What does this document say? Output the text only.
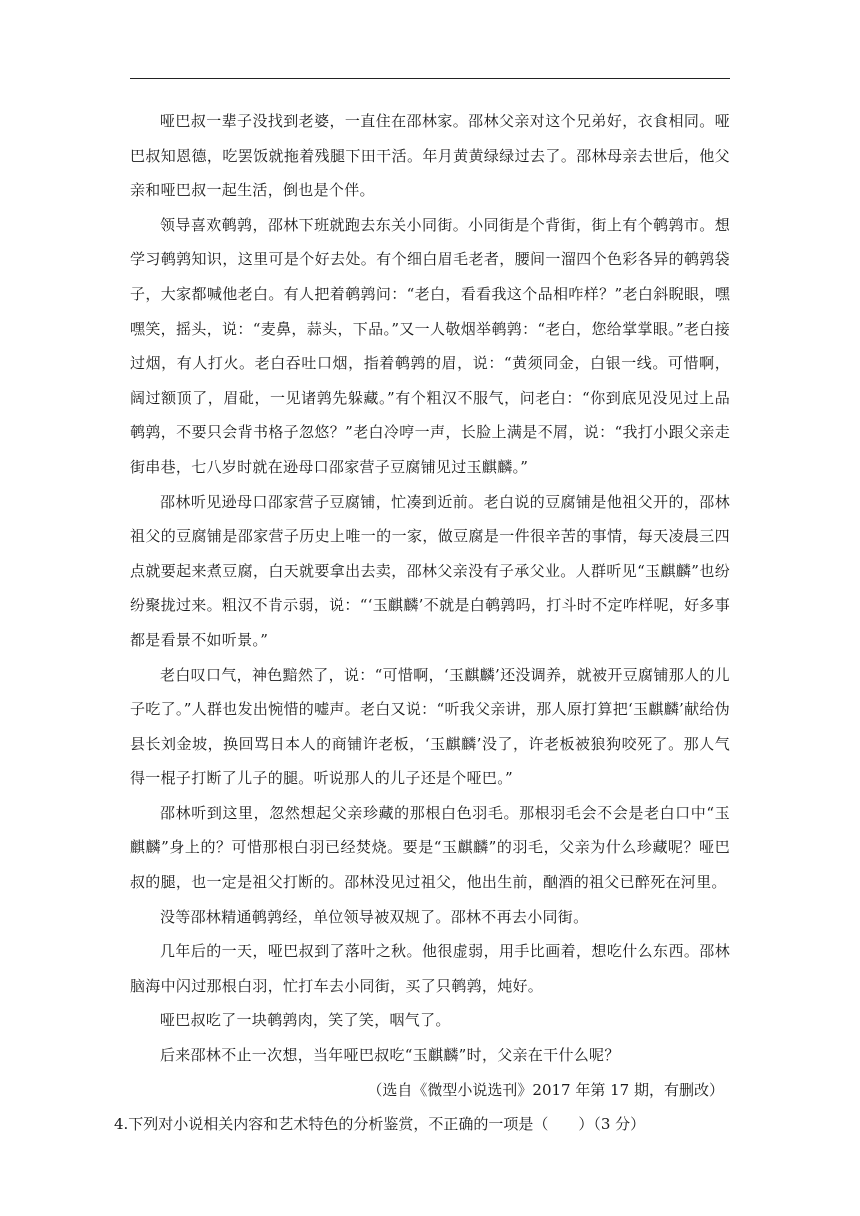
哑巴叔一辈子没找到老婆，一直住在邵林家。邵林父亲对这个兄弟好，衣食相同。哑巴叔知恩德，吃罢饭就拖着残腿下田干活。年月黄黄绿绿过去了。邵林母亲去世后，他父亲和哑巴叔一起生活，倒也是个伴。

领导喜欢鹌鹑，邵林下班就跑去东关小同街。小同街是个背街，街上有个鹌鹑市。想学习鹌鹑知识，这里可是个好去处。有个细白眉毛老者，腰间一溜四个色彩各异的鹌鹑袋子，大家都喊他老白。有人把着鹌鹑问：“老白，看看我这个品相咋样？”老白斜睨眼，嘿嘿笑，摇头，说：“麦鼻，蒜头，下品。”又一人敬烟举鹌鹑：“老白，您给掌掌眼。”老白接过烟，有人打火。老白吞吐口烟，指着鹌鹑的眉，说：“黄须同金，白银一线。可惜啊，阔过额顶了，眉砒，一见诸鹑先躲藏。”有个粗汉不服气，问老白：“你到底见没见过上品鹌鹑，不要只会背书格子忽悠？”老白冷哼一声，长脸上满是不屑，说：“我打小跟父亲走街串巷，七八岁时就在逊母口邵家营子豆腐铺见过玉麒麟。”

邵林听见逊母口邵家营子豆腐铺，忙凑到近前。老白说的豆腐铺是他祖父开的，邵林祖父的豆腐铺是邵家营子历史上唯一的一家，做豆腐是一件很辛苦的事情，每天凌晨三四点就要起来煮豆腐，白天就要拿出去卖，邵林父亲没有子承父业。人群听见“玉麒麟”也纷纷聚拢过来。粗汉不肯示弱，说：“‘玉麒麟’不就是白鹌鹑吗，打斗时不定咋样呢，好多事都是看景不如听景。”

老白叹口气，神色黯然了，说：“可惜啊，‘玉麒麟’还没调养，就被开豆腐铺那人的儿子吃了。”人群也发出惋惜的嘘声。老白又说：“听我父亲讲，那人原打算把‘玉麒麟’献给伪县长刘金坡，换回骂日本人的商铺许老板，‘玉麒麟’没了，许老板被狼狗咬死了。那人气得一棍子打断了儿子的腿。听说那人的儿子还是个哑巴。”

邵林听到这里，忽然想起父亲珍藏的那根白色羽毛。那根羽毛会不会是老白口中“玉麒麟”身上的？可惜那根白羽已经焚烧。要是“玉麒麟”的羽毛，父亲为什么珍藏呢？哑巴叔的腿，也一定是祖父打断的。邵林没见过祖父，他出生前，酗酒的祖父已醉死在河里。

没等邵林精通鹌鹑经，单位领导被双规了。邵林不再去小同街。

几年后的一天，哑巴叔到了落叶之秋。他很虚弱，用手比画着，想吃什么东西。邵林脑海中闪过那根白羽，忙打车去小同街，买了只鹌鹑，炖好。

哑巴叔吃了一块鹌鹑肉，笑了笑，咽气了。

后来邵林不止一次想，当年哑巴叔吃“玉麒麟”时，父亲在干什么呢？

（选自《微型小说选刊》2017 年第 17 期，有删改）

4.下列对小说相关内容和艺术特色的分析鉴赏，不正确的一项是（　　）（3 分）
